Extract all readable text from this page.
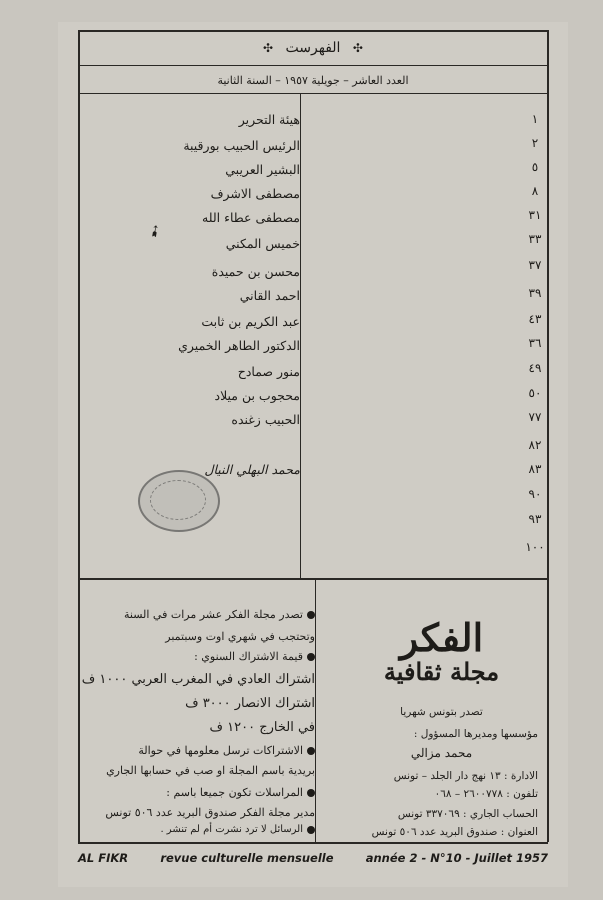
✣ الفهرست ✣
العدد العاشر – جويلية ١٩٥٧ – السنة الثانية
١
٢
٥
٨
٣١
٣٣
٣٧
٣٩
٤٣
٣٦
٤٩
٥٠
٧٧
٨٢
٨٣
٩٠
٩٣
١٠٠
هيئة التحرير
الرئيس الحبيب بورقيبة
البشير العريبي
مصطفى الاشرف
مصطفى عطاء الله
خميس المكني
محسن بن حميدة
احمد القاني
عبد الكريم بن ثابت
الدكتور الطاهر الخميري
منور صمادح
محجوب بن ميلاد
الحبيب زغنده
محمد البهلي النيال
➹
تصدر مجلة الفكر عشر مرات في السنة
وتحتجب في شهري اوت وسبتمبر
قيمة الاشتراك السنوي :
اشتراك العادي في المغرب العربي ١٠٠٠ ف
اشتراك الانصار ٣٠٠٠ ف
في الخارج ١٢٠٠ ف
الاشتراكات ترسل معلومها في حوالة
بريدية باسم المجلة او صب في حسابها الجاري
المراسلات تكون جميعا باسم :
مدير مجلة الفكر صندوق البريد عدد ٥٠٦ تونس
الرسائل لا ترد نشرت أم لم تنشر .
الفكر
مجلة ثقافية
تصدر بتونس شهريا
مؤسسها ومديرها المسؤول :
محمد مزالي
الادارة : ١٣ نهج دار الجلد – تونس
تلفون : ٢٦٠٠٧٧٨ – ٠٦٨
الحساب الجاري : ٣٣٧٠٦٩ تونس
العنوان : صندوق البريد عدد ٥٠٦ تونس
AL FIKR	revue culturelle mensuelle	année 2 - N°10 - Juillet 1957
